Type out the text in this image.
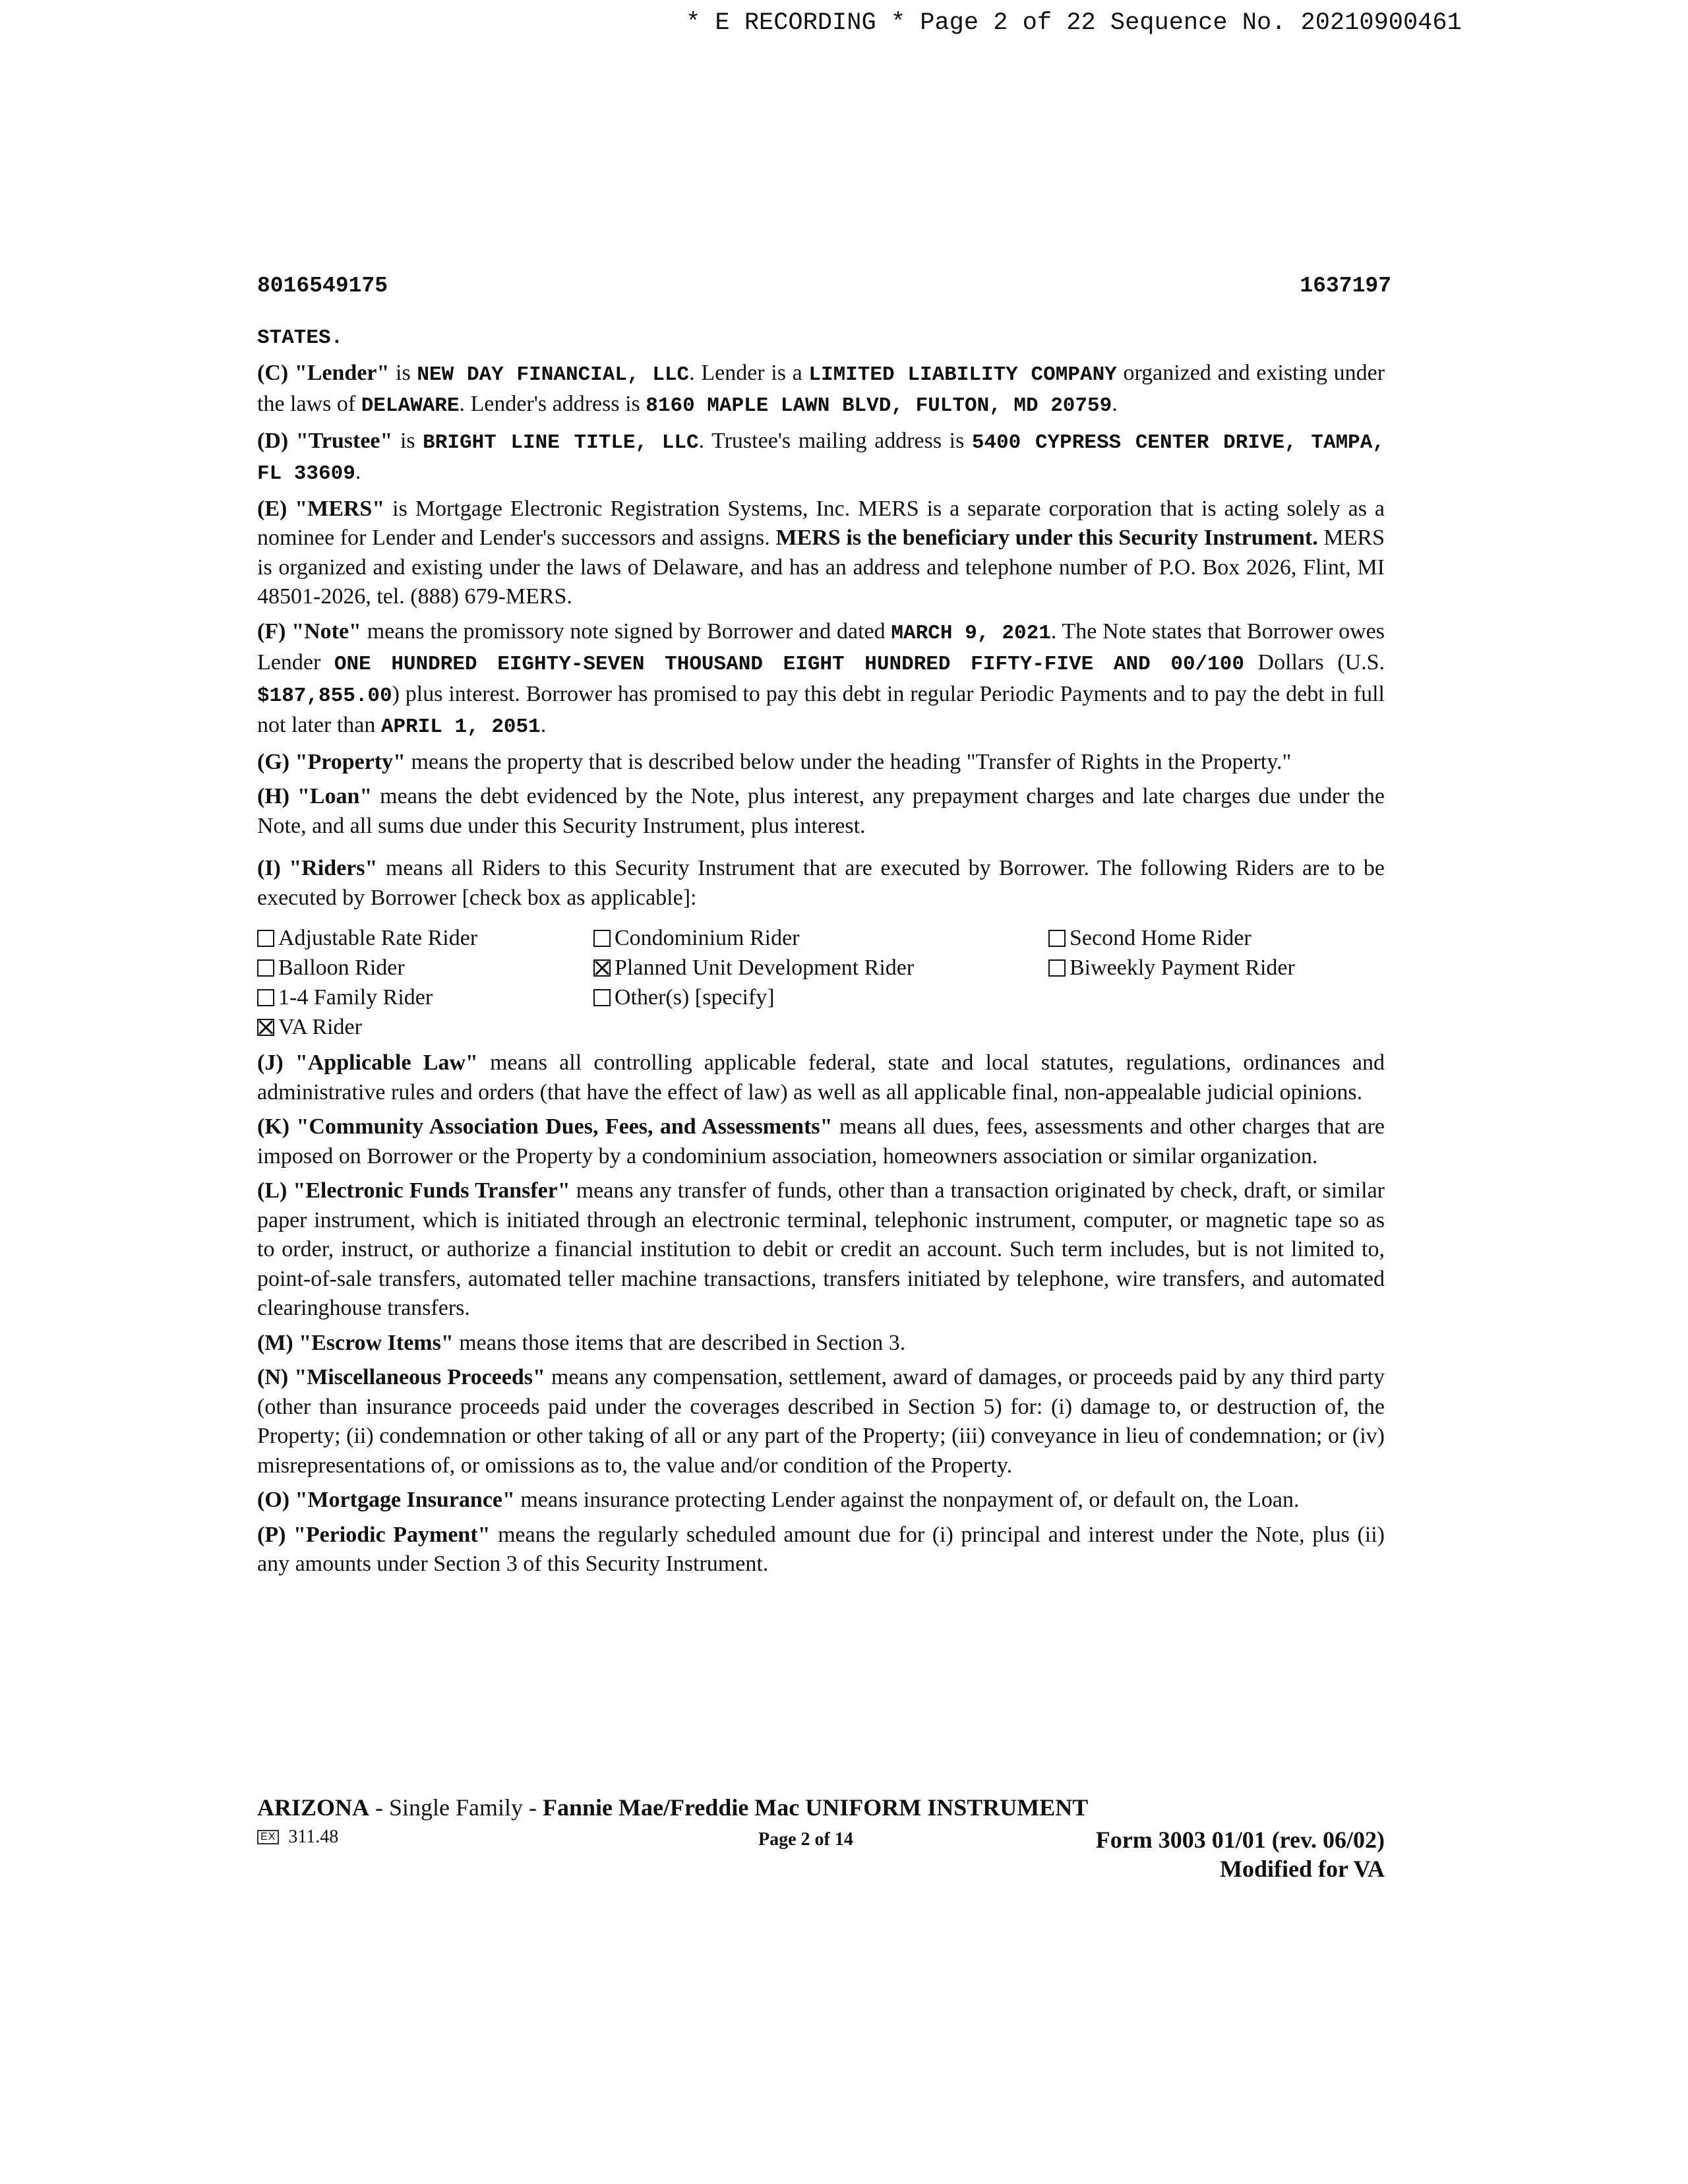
* E RECORDING * Page 2 of 22 Sequence No. 20210900461
8016549175	1637197

STATES.

(C) "Lender" is NEW DAY FINANCIAL, LLC. Lender is a LIMITED LIABILITY COMPANY organized and existing under the laws of DELAWARE. Lender's address is 8160 MAPLE LAWN BLVD, FULTON, MD 20759.

(D) "Trustee" is BRIGHT LINE TITLE, LLC. Trustee's mailing address is 5400 CYPRESS CENTER DRIVE, TAMPA, FL 33609.

(E) "MERS" is Mortgage Electronic Registration Systems, Inc. MERS is a separate corporation that is acting solely as a nominee for Lender and Lender's successors and assigns. MERS is the beneficiary under this Security Instrument. MERS is organized and existing under the laws of Delaware, and has an address and telephone number of P.O. Box 2026, Flint, MI 48501-2026, tel. (888) 679-MERS.

(F) "Note" means the promissory note signed by Borrower and dated MARCH 9, 2021. The Note states that Borrower owes Lender ONE HUNDRED EIGHTY-SEVEN THOUSAND EIGHT HUNDRED FIFTY-FIVE AND 00/100 Dollars (U.S. $187,855.00) plus interest. Borrower has promised to pay this debt in regular Periodic Payments and to pay the debt in full not later than APRIL 1, 2051.

(G) "Property" means the property that is described below under the heading "Transfer of Rights in the Property."

(H) "Loan" means the debt evidenced by the Note, plus interest, any prepayment charges and late charges due under the Note, and all sums due under this Security Instrument, plus interest.

(I) "Riders" means all Riders to this Security Instrument that are executed by Borrower. The following Riders are to be executed by Borrower [check box as applicable]:

Adjustable Rate Rider	Condominium Rider	Second Home Rider
Balloon Rider	Planned Unit Development Rider	Biweekly Payment Rider
1-4 Family Rider	Other(s) [specify]
VA Rider

(J) "Applicable Law" means all controlling applicable federal, state and local statutes, regulations, ordinances and administrative rules and orders (that have the effect of law) as well as all applicable final, non-appealable judicial opinions.

(K) "Community Association Dues, Fees, and Assessments" means all dues, fees, assessments and other charges that are imposed on Borrower or the Property by a condominium association, homeowners association or similar organization.

(L) "Electronic Funds Transfer" means any transfer of funds, other than a transaction originated by check, draft, or similar paper instrument, which is initiated through an electronic terminal, telephonic instrument, computer, or magnetic tape so as to order, instruct, or authorize a financial institution to debit or credit an account. Such term includes, but is not limited to, point-of-sale transfers, automated teller machine transactions, transfers initiated by telephone, wire transfers, and automated clearinghouse transfers.

(M) "Escrow Items" means those items that are described in Section 3.

(N) "Miscellaneous Proceeds" means any compensation, settlement, award of damages, or proceeds paid by any third party (other than insurance proceeds paid under the coverages described in Section 5) for: (i) damage to, or destruction of, the Property; (ii) condemnation or other taking of all or any part of the Property; (iii) conveyance in lieu of condemnation; or (iv) misrepresentations of, or omissions as to, the value and/or condition of the Property.

(O) "Mortgage Insurance" means insurance protecting Lender against the nonpayment of, or default on, the Loan.

(P) "Periodic Payment" means the regularly scheduled amount due for (i) principal and interest under the Note, plus (ii) any amounts under Section 3 of this Security Instrument.

ARIZONA - Single Family - Fannie Mae/Freddie Mac UNIFORM INSTRUMENT
EX 311.48	Page 2 of 14	Form 3003 01/01 (rev. 06/02)
Modified for VA
